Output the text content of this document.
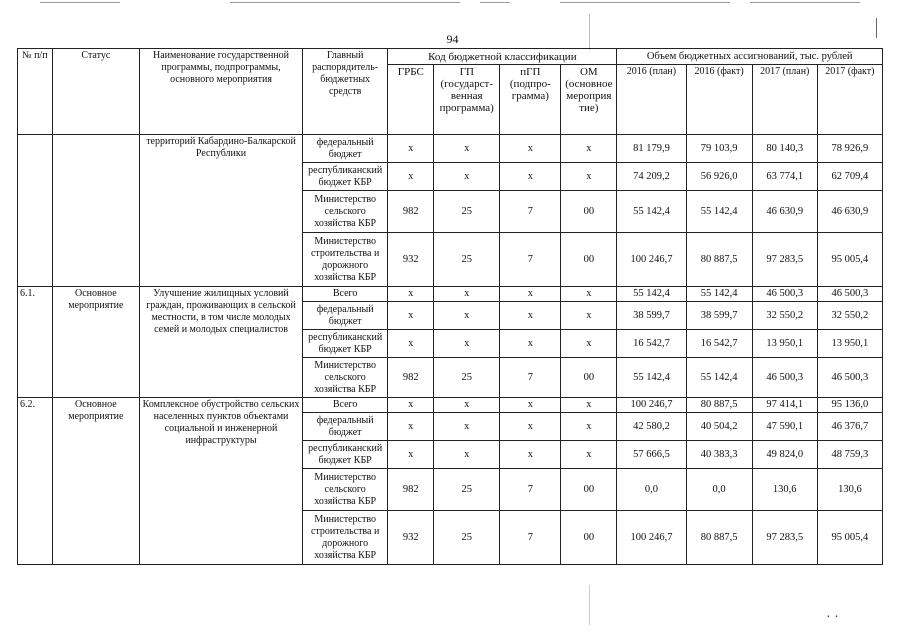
94
№ п/п	Статус	Наименование государственной программы, подпрограммы, основного мероприятия	Главный распорядитель-бюджетных средств	Код бюджетной классификации				Объем бюджетных ассигнований, тыс. рублей			
				ГРБС	ГП (государст-венная программа)	пГП (подпро-грамма)	ОМ (основное мероприя тие)	2016 (план)	2016 (факт)	2017 (план)	2017 (факт)
		территорий Кабардино-Балкарской Республики	федеральный бюджет	х	х	х	х	81 179,9	79 103,9	80 140,3	78 926,9
			республиканский бюджет КБР	х	х	х	х	74 209,2	56 926,0	63 774,1	62 709,4
			Министерство сельского хозяйства КБР	982	25	7	00	55 142,4	55 142,4	46 630,9	46 630,9
			Министерство строительства и дорожного хозяйства КБР	932	25	7	00	100 246,7	80 887,5	97 283,5	95 005,4
6.1.	Основное мероприятие	Улучшение жилищных условий граждан, проживающих в сельской местности, в том числе молодых семей и молодых специалистов	Всего	х	х	х	х	55 142,4	55 142,4	46 500,3	46 500,3
			федеральный бюджет	х	х	х	х	38 599,7	38 599,7	32 550,2	32 550,2
			республиканский бюджет КБР	х	х	х	х	16 542,7	16 542,7	13 950,1	13 950,1
			Министерство сельского хозяйства КБР	982	25	7	00	55 142,4	55 142,4	46 500,3	46 500,3
6.2.	Основное мероприятие	Комплексное обустройство сельских населенных пунктов объектами социальной и инженерной инфраструктуры	Всего	х	х	х	х	100 246,7	80 887,5	97 414,1	95 136,0
			федеральный бюджет	х	х	х	х	42 580,2	40 504,2	47 590,1	46 376,7
			республиканский бюджет КБР	х	х	х	х	57 666,5	40 383,3	49 824,0	48 759,3
			Министерство сельского хозяйства КБР	982	25	7	00	0,0	0,0	130,6	130,6
			Министерство строительства и дорожного хозяйства КБР	932	25	7	00	100 246,7	80 887,5	97 283,5	95 005,4
· ·
